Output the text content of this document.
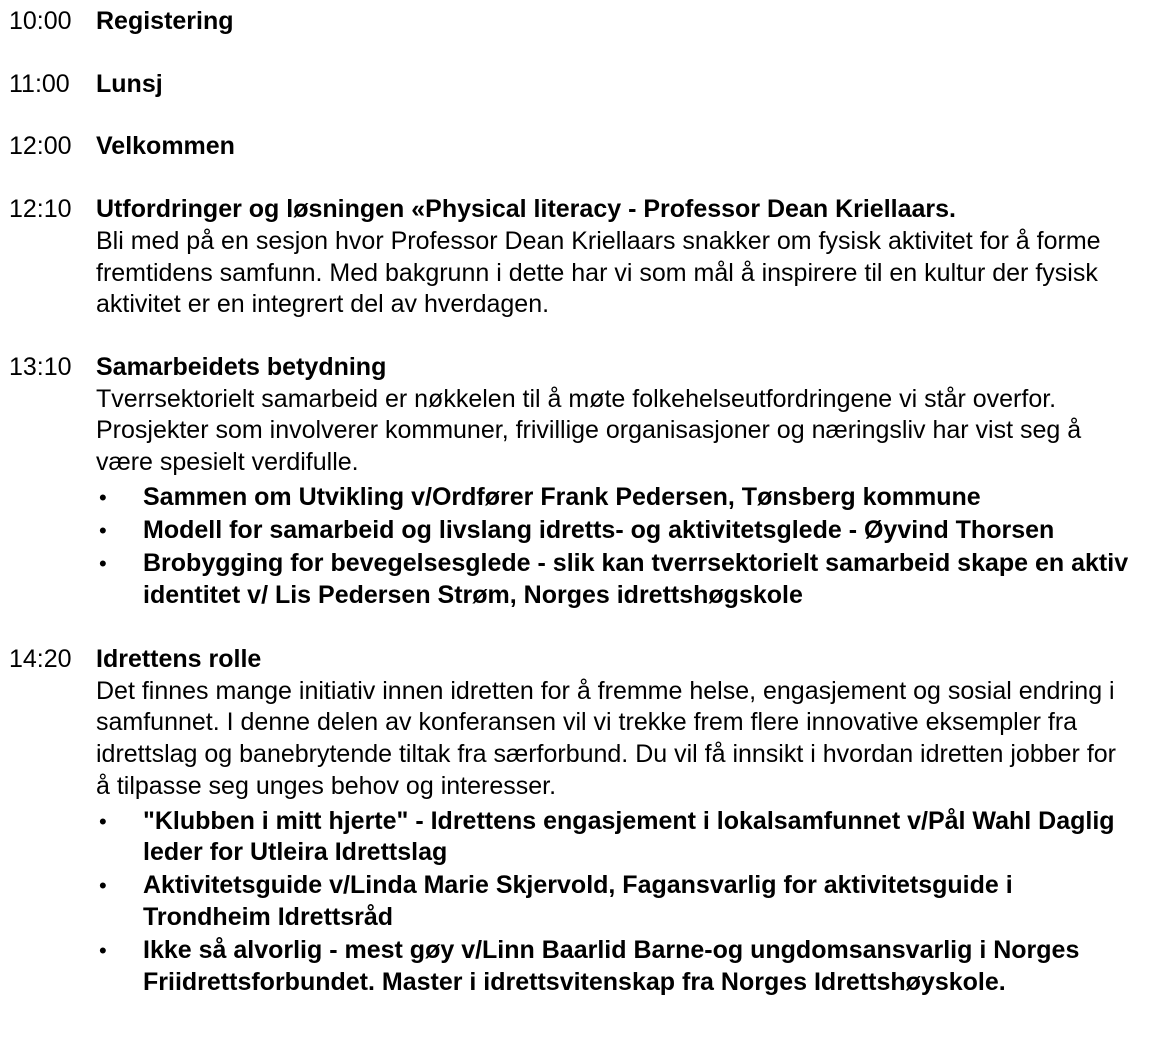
10:00 Registering
11:00	Lunsj
12:00 Velkommen
12:10 Utfordringer og løsningen «Physical literacy - Professor Dean Kriellaars.

Bli med på en sesjon hvor Professor Dean Kriellaars snakker om fysisk aktivitet for å forme fremtidens samfunn. Med bakgrunn i dette har vi som mål å inspirere til en kultur der fysisk aktivitet er en integrert del av hverdagen.

13:10 Samarbeidets betydning

Tverrsektorielt samarbeid er nøkkelen til å møte folkehelseutfordringene vi står overfor. Prosjekter som involverer kommuner, frivillige organisasjoner og næringsliv har vist seg å være spesielt verdifulle.

• Sammen om Utvikling v/Ordfører Frank Pedersen, Tønsberg kommune
• Modell for samarbeid og livslang idretts- og aktivitetsglede - Øyvind Thorsen
• Brobygging for bevegelsesglede - slik kan tverrsektorielt samarbeid skape en aktiv identitet v/ Lis Pedersen Strøm, Norges idrettshøgskole
14:20 Idrettens rolle

Det finnes mange initiativ innen idretten for å fremme helse, engasjement og sosial endring i samfunnet. I denne delen av konferansen vil vi trekke frem flere innovative eksempler fra idrettslag og banebrytende tiltak fra særforbund. Du vil få innsikt i hvordan idretten jobber for å tilpasse seg unges behov og interesser.

• "Klubben i mitt hjerte" - Idrettens engasjement i lokalsamfunnet v/Pål Wahl Daglig leder for Utleira Idrettslag
• Aktivitetsguide v/Linda Marie Skjervold, Fagansvarlig for aktivitetsguide i Trondheim Idrettsråd
• Ikke så alvorlig - mest gøy v/Linn Baarlid Barne-og ungdomsansvarlig i Norges Friidrettsforbundet. Master i idrettsvitenskap fra Norges Idrettshøyskole.
